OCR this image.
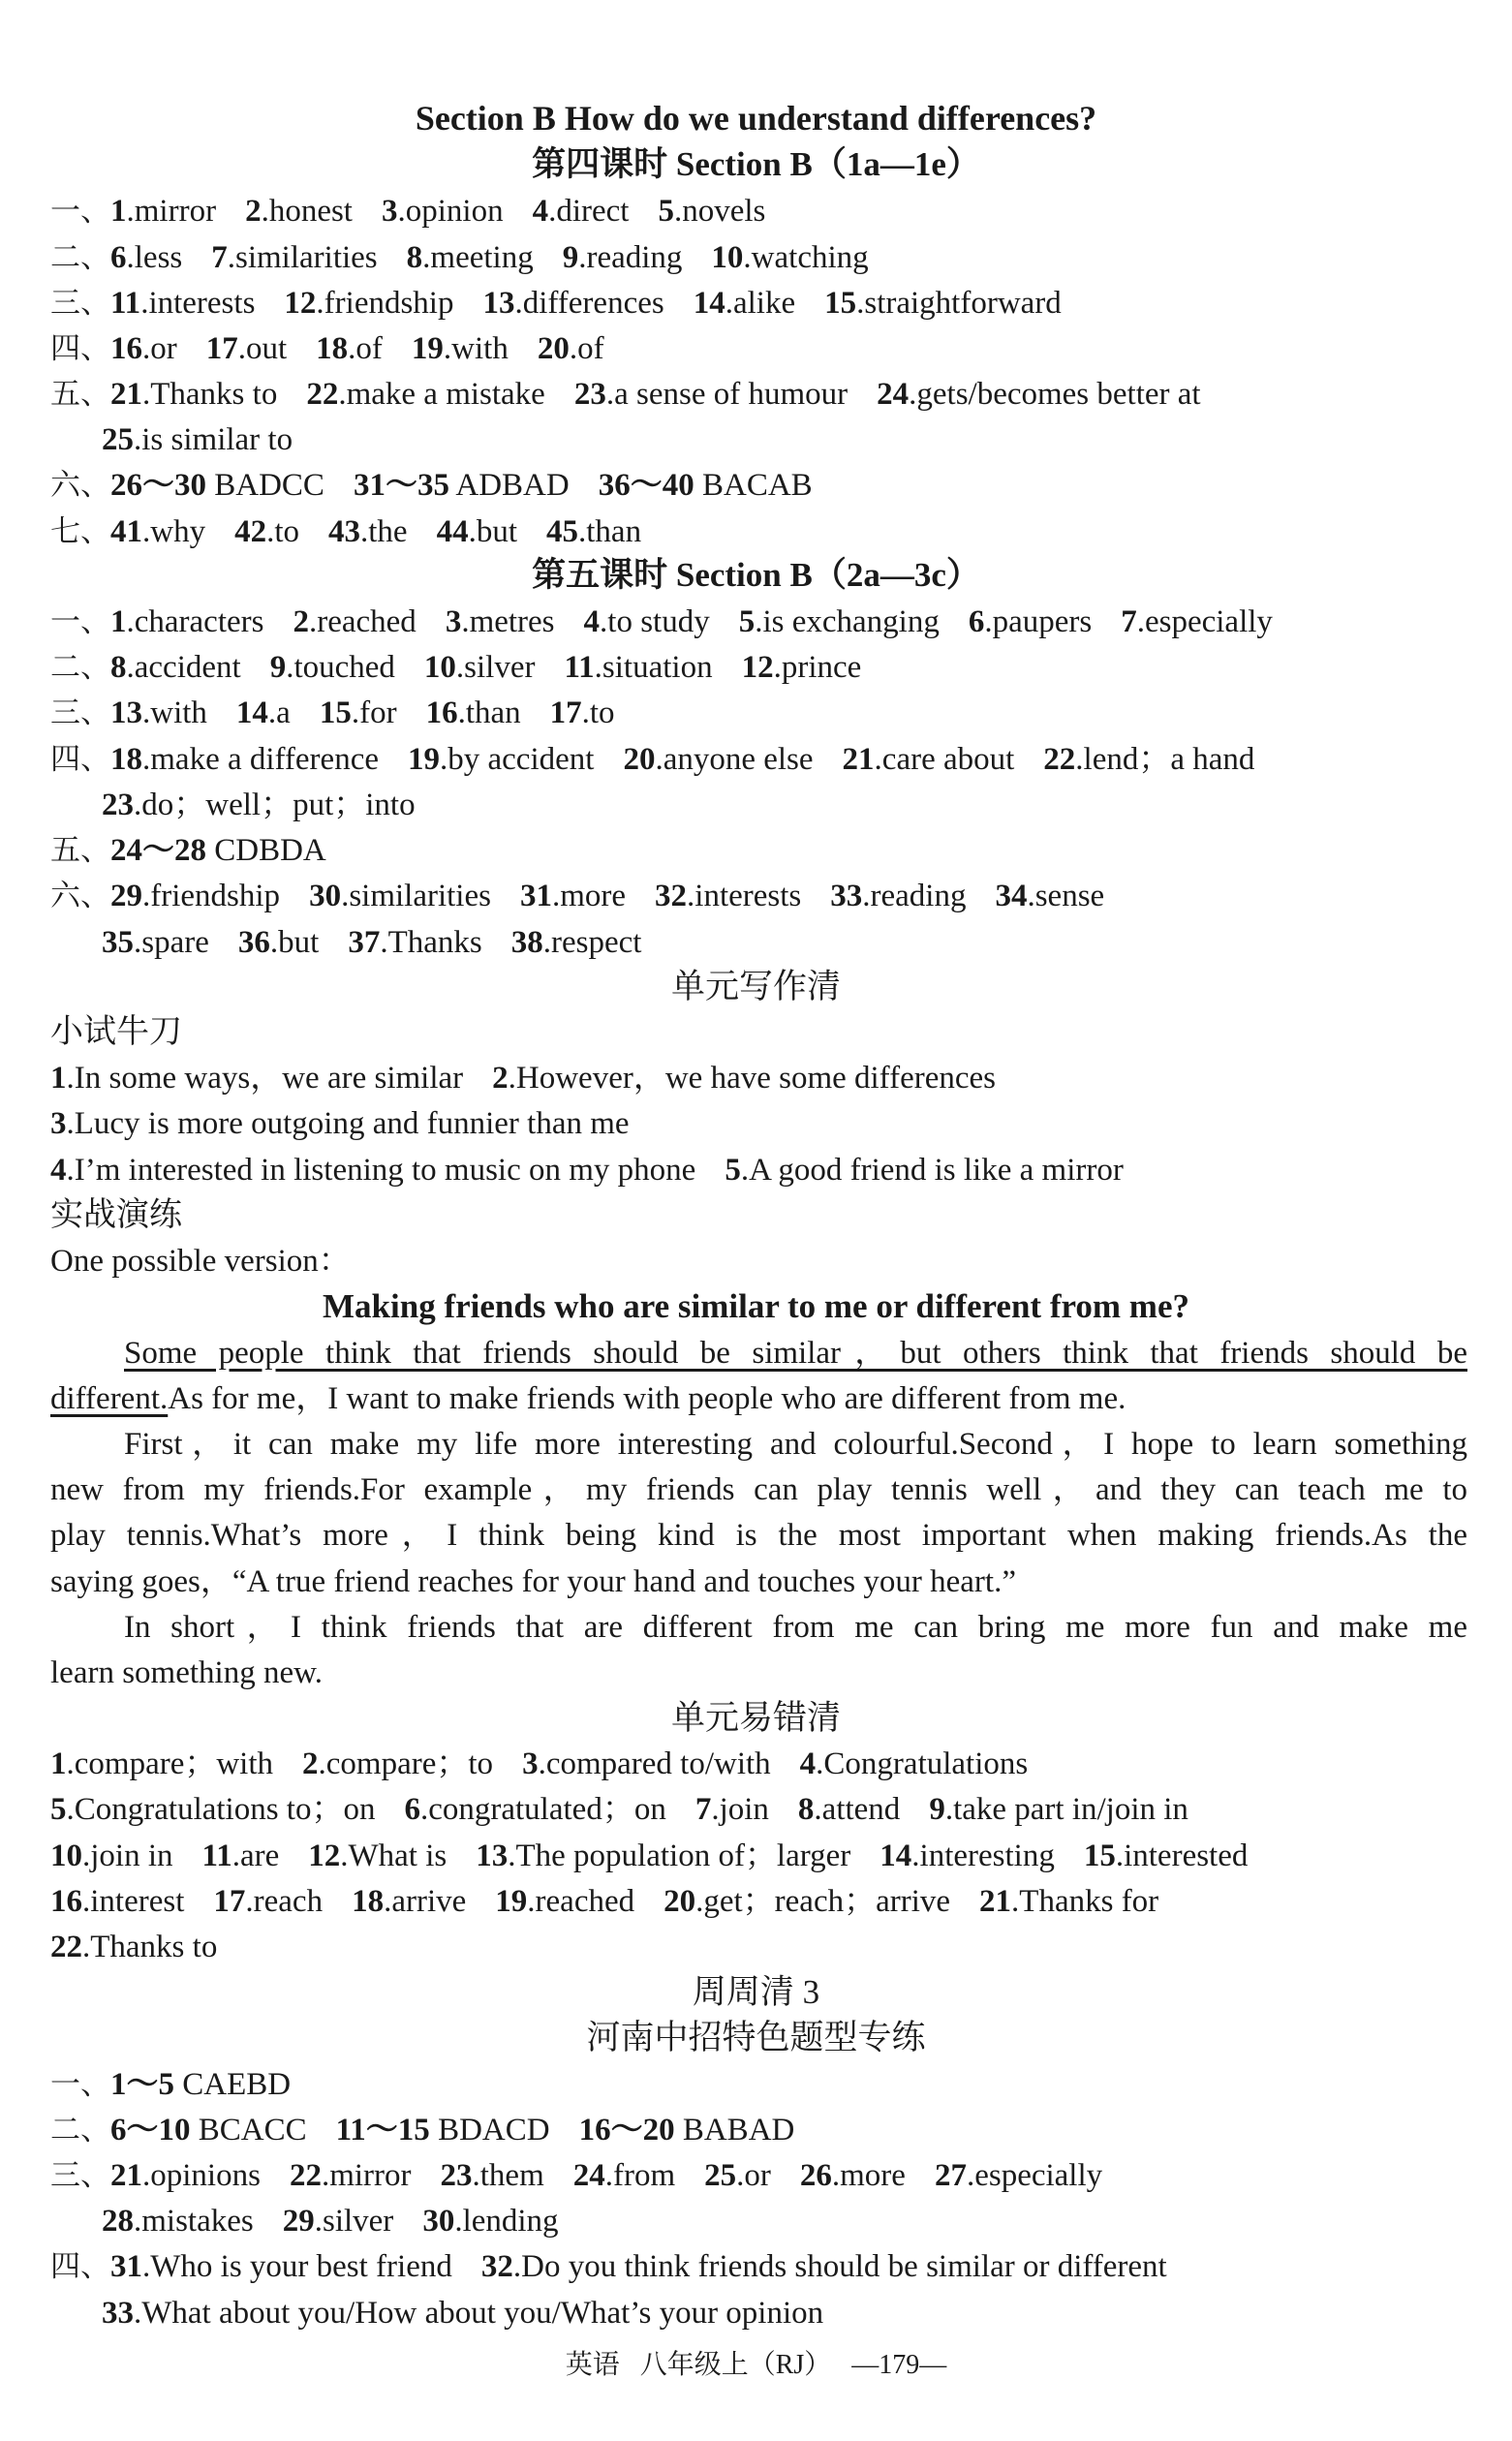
Section B How do we understand differences?
第四课时 Section B（1a—1e）
一、1.mirror 2.honest 3.opinion 4.direct 5.novels
二、6.less 7.similarities 8.meeting 9.reading 10.watching
三、11.interests 12.friendship 13.differences 14.alike 15.straightforward
四、16.or 17.out 18.of 19.with 20.of
五、21.Thanks to 22.make a mistake 23.a sense of humour 24.gets/becomes better at
25.is similar to
六、26～30 BADCC 31～35 ADBAD 36～40 BACAB
七、41.why 42.to 43.the 44.but 45.than
第五课时 Section B（2a—3c）
一、1.characters 2.reached 3.metres 4.to study 5.is exchanging 6.paupers 7.especially
二、8.accident 9.touched 10.silver 11.situation 12.prince
三、13.with 14.a 15.for 16.than 17.to
四、18.make a difference 19.by accident 20.anyone else 21.care about 22.lend；a hand
23.do；well；put；into
五、24～28 CDBDA
六、29.friendship 30.similarities 31.more 32.interests 33.reading 34.sense
35.spare 36.but 37.Thanks 38.respect
单元写作清
小试牛刀
1.In some ways，we are similar 2.However，we have some differences
3.Lucy is more outgoing and funnier than me
4.I’m interested in listening to music on my phone 5.A good friend is like a mirror
实战演练
One possible version：
Making friends who are similar to me or different from me?
Some people think that friends should be similar，but others think that friends should be
different.As for me，I want to make friends with people who are different from me.
First，it can make my life more interesting and colourful.Second，I hope to learn something
new from my friends.For example，my friends can play tennis well，and they can teach me to
play tennis.What’s more，I think being kind is the most important when making friends.As the
saying goes，“A true friend reaches for your hand and touches your heart.”
In short，I think friends that are different from me can bring me more fun and make me
learn something new.
单元易错清
1.compare；with 2.compare；to 3.compared to/with 4.Congratulations
5.Congratulations to；on 6.congratulated；on 7.join 8.attend 9.take part in/join in
10.join in 11.are 12.What is 13.The population of；larger 14.interesting 15.interested
16.interest 17.reach 18.arrive 19.reached 20.get；reach；arrive 21.Thanks for
22.Thanks to
周周清 3
河南中招特色题型专练
一、1～5 CAEBD
二、6～10 BCACC 11～15 BDACD 16～20 BABAD
三、21.opinions 22.mirror 23.them 24.from 25.or 26.more 27.especially
28.mistakes 29.silver 30.lending
四、31.Who is your best friend 32.Do you think friends should be similar or different
33.What about you/How about you/What’s your opinion
英语 八年级上（RJ） —179—
